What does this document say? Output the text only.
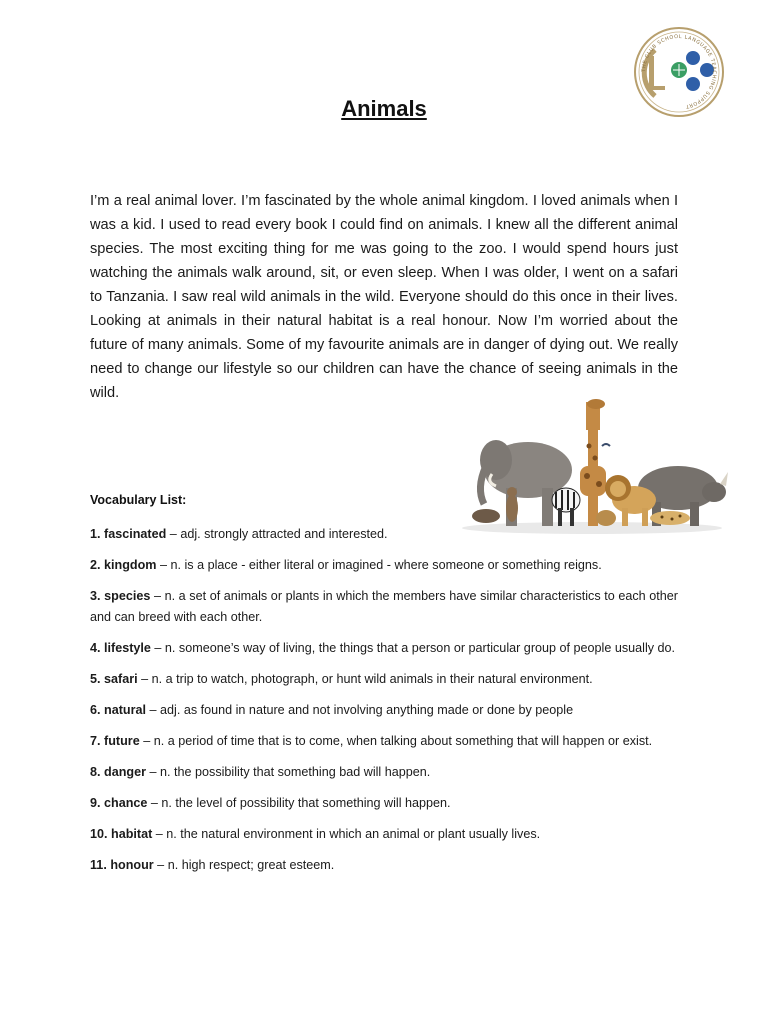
THE CLUB SCHOOL LANGUAGE TEACHING SUPPORT
Animals

I’m a real animal lover. I’m fascinated by the whole animal kingdom. I loved animals when I was a kid. I used to read every book I could find on animals. I knew all the different animal species. The most exciting thing for me was going to the zoo. I would spend hours just watching the animals walk around, sit, or even sleep. When I was older, I went on a safari to Tanzania. I saw real wild animals in the wild. Everyone should do this once in their lives. Looking at animals in their natural habitat is a real honour. Now I’m worried about the future of many animals. Some of my favourite animals are in danger of dying out. We really need to change our lifestyle so our children can have the chance of seeing animals in the wild.

Vocabulary List:
1. fascinated – adj. strongly attracted and interested.
2. kingdom – n. is a place - either literal or imagined - where someone or something reigns.
3. species – n. a set of animals or plants in which the members have similar characteristics to each other and can breed with each other.
4. lifestyle – n. someone’s way of living, the things that a person or particular group of people usually do.
5. safari – n. a trip to watch, photograph, or hunt wild animals in their natural environment.
6. natural – adj. as found in nature and not involving anything made or done by people
7. future – n. a period of time that is to come, when talking about something that will happen or exist.
8. danger – n. the possibility that something bad will happen.
9. chance – n. the level of possibility that something will happen.
10. habitat – n. the natural environment in which an animal or plant usually lives.
11. honour – n. high respect; great esteem.
